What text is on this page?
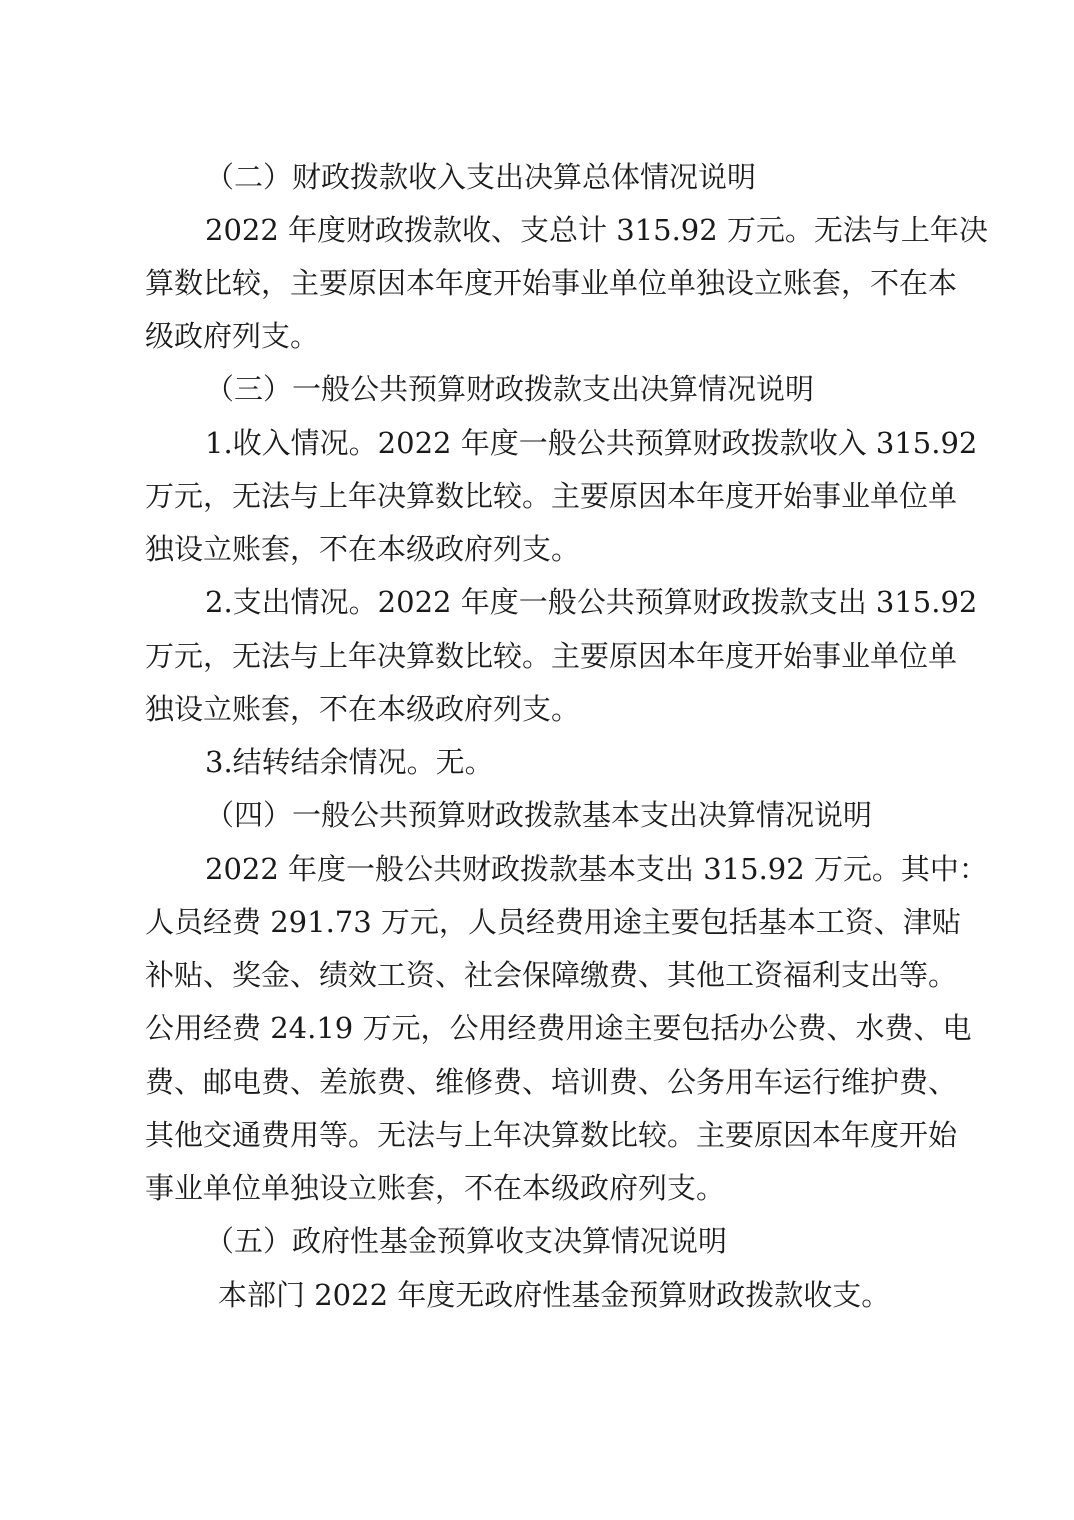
（二）财政拨款收入支出决算总体情况说明
2022 年度财政拨款收、支总计 315.92 万元。无法与上年决
算数比较，主要原因本年度开始事业单位单独设立账套，不在本
级政府列支。
（三）一般公共预算财政拨款支出决算情况说明
1.收入情况。2022 年度一般公共预算财政拨款收入 315.92
万元，无法与上年决算数比较。主要原因本年度开始事业单位单
独设立账套，不在本级政府列支。
2.支出情况。2022 年度一般公共预算财政拨款支出 315.92
万元，无法与上年决算数比较。主要原因本年度开始事业单位单
独设立账套，不在本级政府列支。
3.结转结余情况。无。
（四）一般公共预算财政拨款基本支出决算情况说明
2022 年度一般公共财政拨款基本支出 315.92 万元。其中：
人员经费 291.73 万元，人员经费用途主要包括基本工资、津贴
补贴、奖金、绩效工资、社会保障缴费、其他工资福利支出等。
公用经费 24.19 万元，公用经费用途主要包括办公费、水费、电
费、邮电费、差旅费、维修费、培训费、公务用车运行维护费、
其他交通费用等。无法与上年决算数比较。主要原因本年度开始
事业单位单独设立账套，不在本级政府列支。
（五）政府性基金预算收支决算情况说明
本部门 2022 年度无政府性基金预算财政拨款收支。
